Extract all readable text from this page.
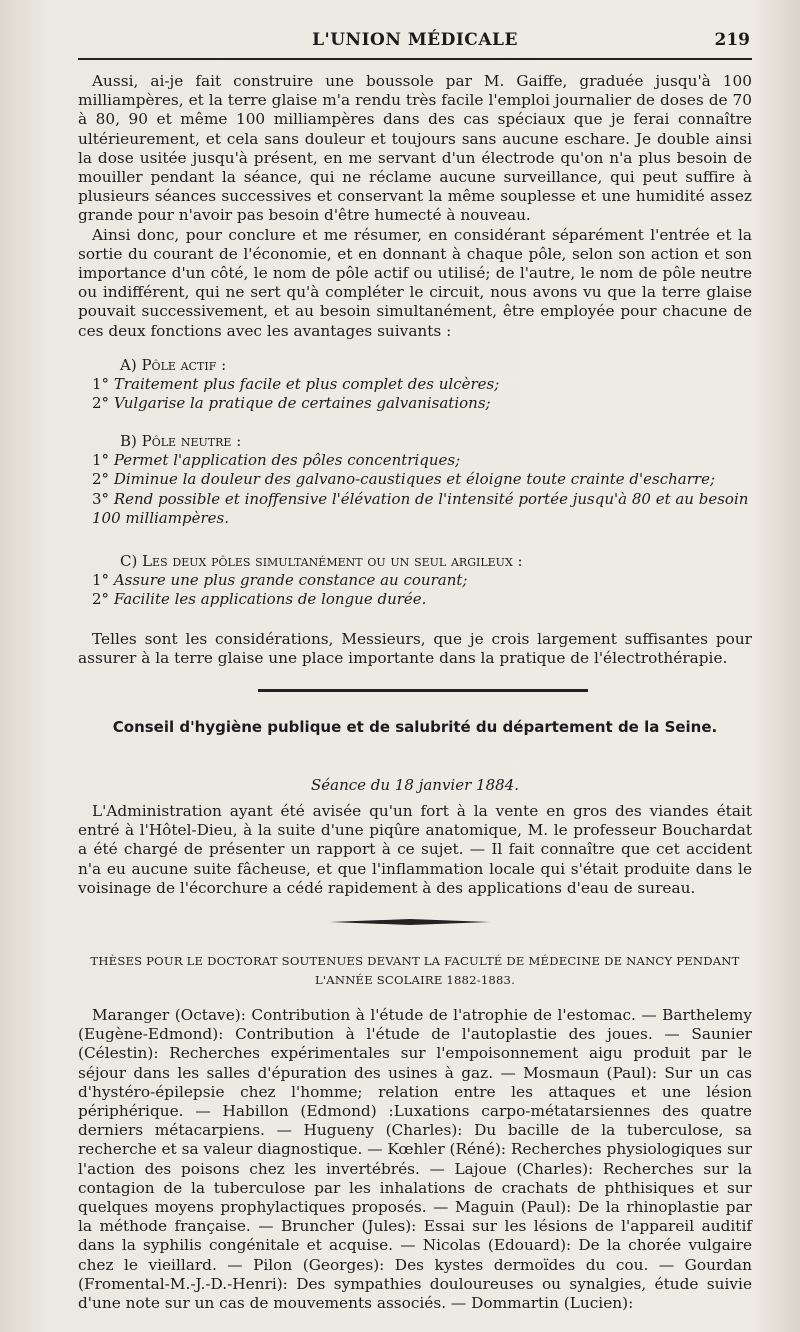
L'UNION MÉDICALE	219

Aussi, ai-je fait construire une boussole par M. Gaiffe, graduée jusqu'à 100 milliampères, et la terre glaise m'a rendu très facile l'emploi journalier de doses de 70 à 80, 90 et même 100 milliampères dans des cas spéciaux que je ferai connaître ultérieurement, et cela sans douleur et toujours sans aucune eschare. Je double ainsi la dose usitée jusqu'à présent, en me servant d'un électrode qu'on n'a plus besoin de mouiller pendant la séance, qui ne réclame aucune surveillance, qui peut suffire à plusieurs séances successives et conservant la même souplesse et une humidité assez grande pour n'avoir pas besoin d'être humecté à nouveau.

Ainsi donc, pour conclure et me résumer, en considérant séparément l'entrée et la sortie du courant de l'économie, et en donnant à chaque pôle, selon son action et son importance d'un côté, le nom de pôle actif ou utilisé; de l'autre, le nom de pôle neutre ou indifférent, qui ne sert qu'à compléter le circuit, nous avons vu que la terre glaise pouvait successivement, et au besoin simultanément, être employée pour chacune de ces deux fonctions avec les avantages suivants :

A) Pôle actif :
1° Traitement plus facile et plus complet des ulcères;
2° Vulgarise la pratique de certaines galvanisations;
B) Pôle neutre :
1° Permet l'application des pôles concentriques;
2° Diminue la douleur des galvano-caustiques et éloigne toute crainte d'escharre;
3° Rend possible et inoffensive l'élévation de l'intensité portée jusqu'à 80 et au besoin 100 milliampères.
C) Les deux pôles simultanément ou un seul argileux :
1° Assure une plus grande constance au courant;
2° Facilite les applications de longue durée.

Telles sont les considérations, Messieurs, que je crois largement suffisantes pour assurer à la terre glaise une place importante dans la pratique de l'électrothérapie.

Conseil d'hygiène publique et de salubrité du département de la Seine.
Séance du 18 janvier 1884.

L'Administration ayant été avisée qu'un fort à la vente en gros des viandes était entré à l'Hôtel-Dieu, à la suite d'une piqûre anatomique, M. le professeur Bouchardat a été chargé de présenter un rapport à ce sujet. — Il fait connaître que cet accident n'a eu aucune suite fâcheuse, et que l'inflammation locale qui s'était produite dans le voisinage de l'écorchure a cédé rapidement à des applications d'eau de sureau.

THÈSES POUR LE DOCTORAT SOUTENUES DEVANT LA FACULTÉ DE MÉDECINE DE NANCY PENDANT
L'ANNÉE SCOLAIRE 1882-1883.

Maranger (Octave): Contribution à l'étude de l'atrophie de l'estomac. — Barthelemy (Eugène-Edmond): Contribution à l'étude de l'autoplastie des joues. — Saunier (Célestin): Recherches expérimentales sur l'empoisonnement aigu produit par le séjour dans les salles d'épuration des usines à gaz. — Mosmaun (Paul): Sur un cas d'hystéro-épilepsie chez l'homme; relation entre les attaques et une lésion périphérique. — Habillon (Edmond) :Luxations carpo-métatarsiennes des quatre derniers métacarpiens. — Hugueny (Charles): Du bacille de la tuberculose, sa recherche et sa valeur diagnostique. — Kœhler (Réné): Recherches physiologiques sur l'action des poisons chez les invertébrés. — Lajoue (Charles): Recherches sur la contagion de la tuberculose par les inhalations de crachats de phthisiques et sur quelques moyens prophylactiques proposés. — Maguin (Paul): De la rhinoplastie par la méthode française. — Bruncher (Jules): Essai sur les lésions de l'appareil auditif dans la syphilis congénitale et acquise. — Nicolas (Edouard): De la chorée vulgaire chez le vieillard. — Pilon (Georges): Des kystes dermoïdes du cou. — Gourdan (Fromental-M.-J.-D.-Henri): Des sympathies douloureuses ou synalgies, étude suivie d'une note sur un cas de mouvements associés. — Dommartin (Lucien):
